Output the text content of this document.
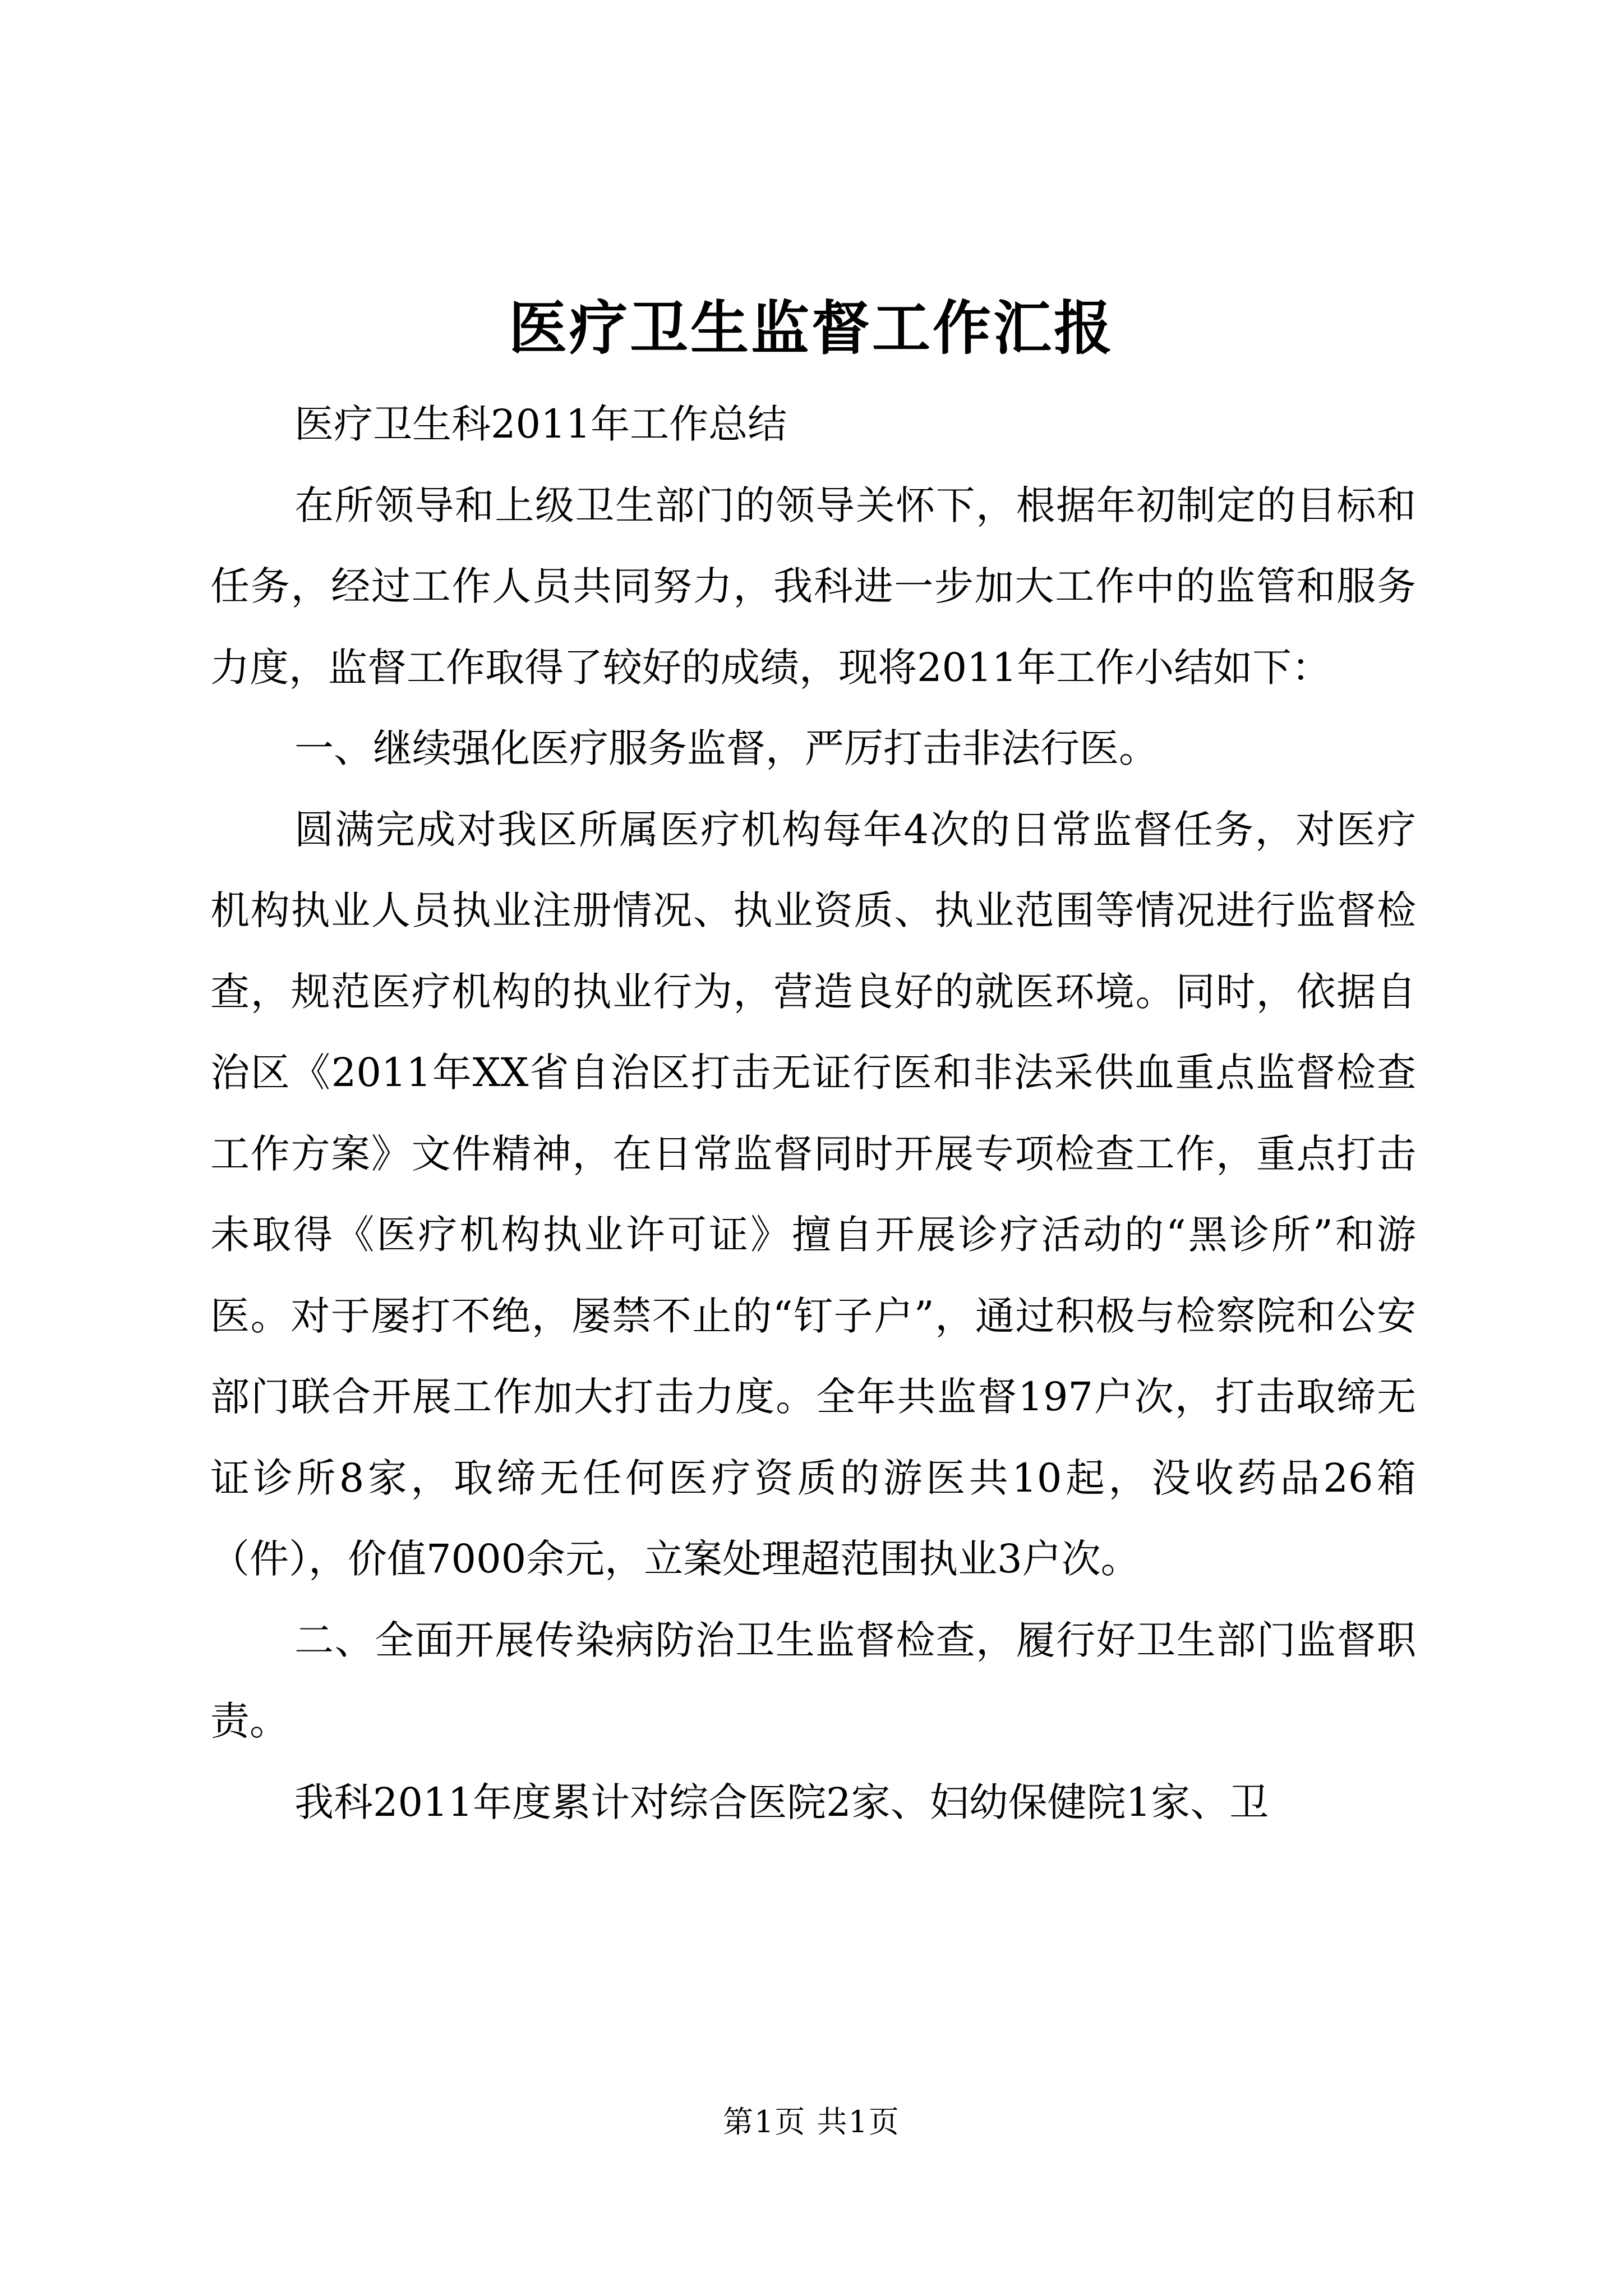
医疗卫生监督工作汇报

医疗卫生科2011年工作总结

在所领导和上级卫生部门的领导关怀下，根据年初制定的目标和任务，经过工作人员共同努力，我科进一步加大工作中的监管和服务力度，监督工作取得了较好的成绩，现将2011年工作小结如下：

一、继续强化医疗服务监督，严厉打击非法行医。

圆满完成对我区所属医疗机构每年4次的日常监督任务，对医疗机构执业人员执业注册情况、执业资质、执业范围等情况进行监督检查，规范医疗机构的执业行为，营造良好的就医环境。同时，依据自治区《2011年XX省自治区打击无证行医和非法采供血重点监督检查工作方案》文件精神，在日常监督同时开展专项检查工作，重点打击未取得《医疗机构执业许可证》擅自开展诊疗活动的“黑诊所”和游医。对于屡打不绝，屡禁不止的“钉子户”，通过积极与检察院和公安部门联合开展工作加大打击力度。全年共监督197户次，打击取缔无证诊所8家，取缔无任何医疗资质的游医共10起，没收药品26箱（件），价值7000余元，立案处理超范围执业3户次。

二、全面开展传染病防治卫生监督检查，履行好卫生部门监督职责。

我科2011年度累计对综合医院2家、妇幼保健院1家、卫

第1页 共1页
